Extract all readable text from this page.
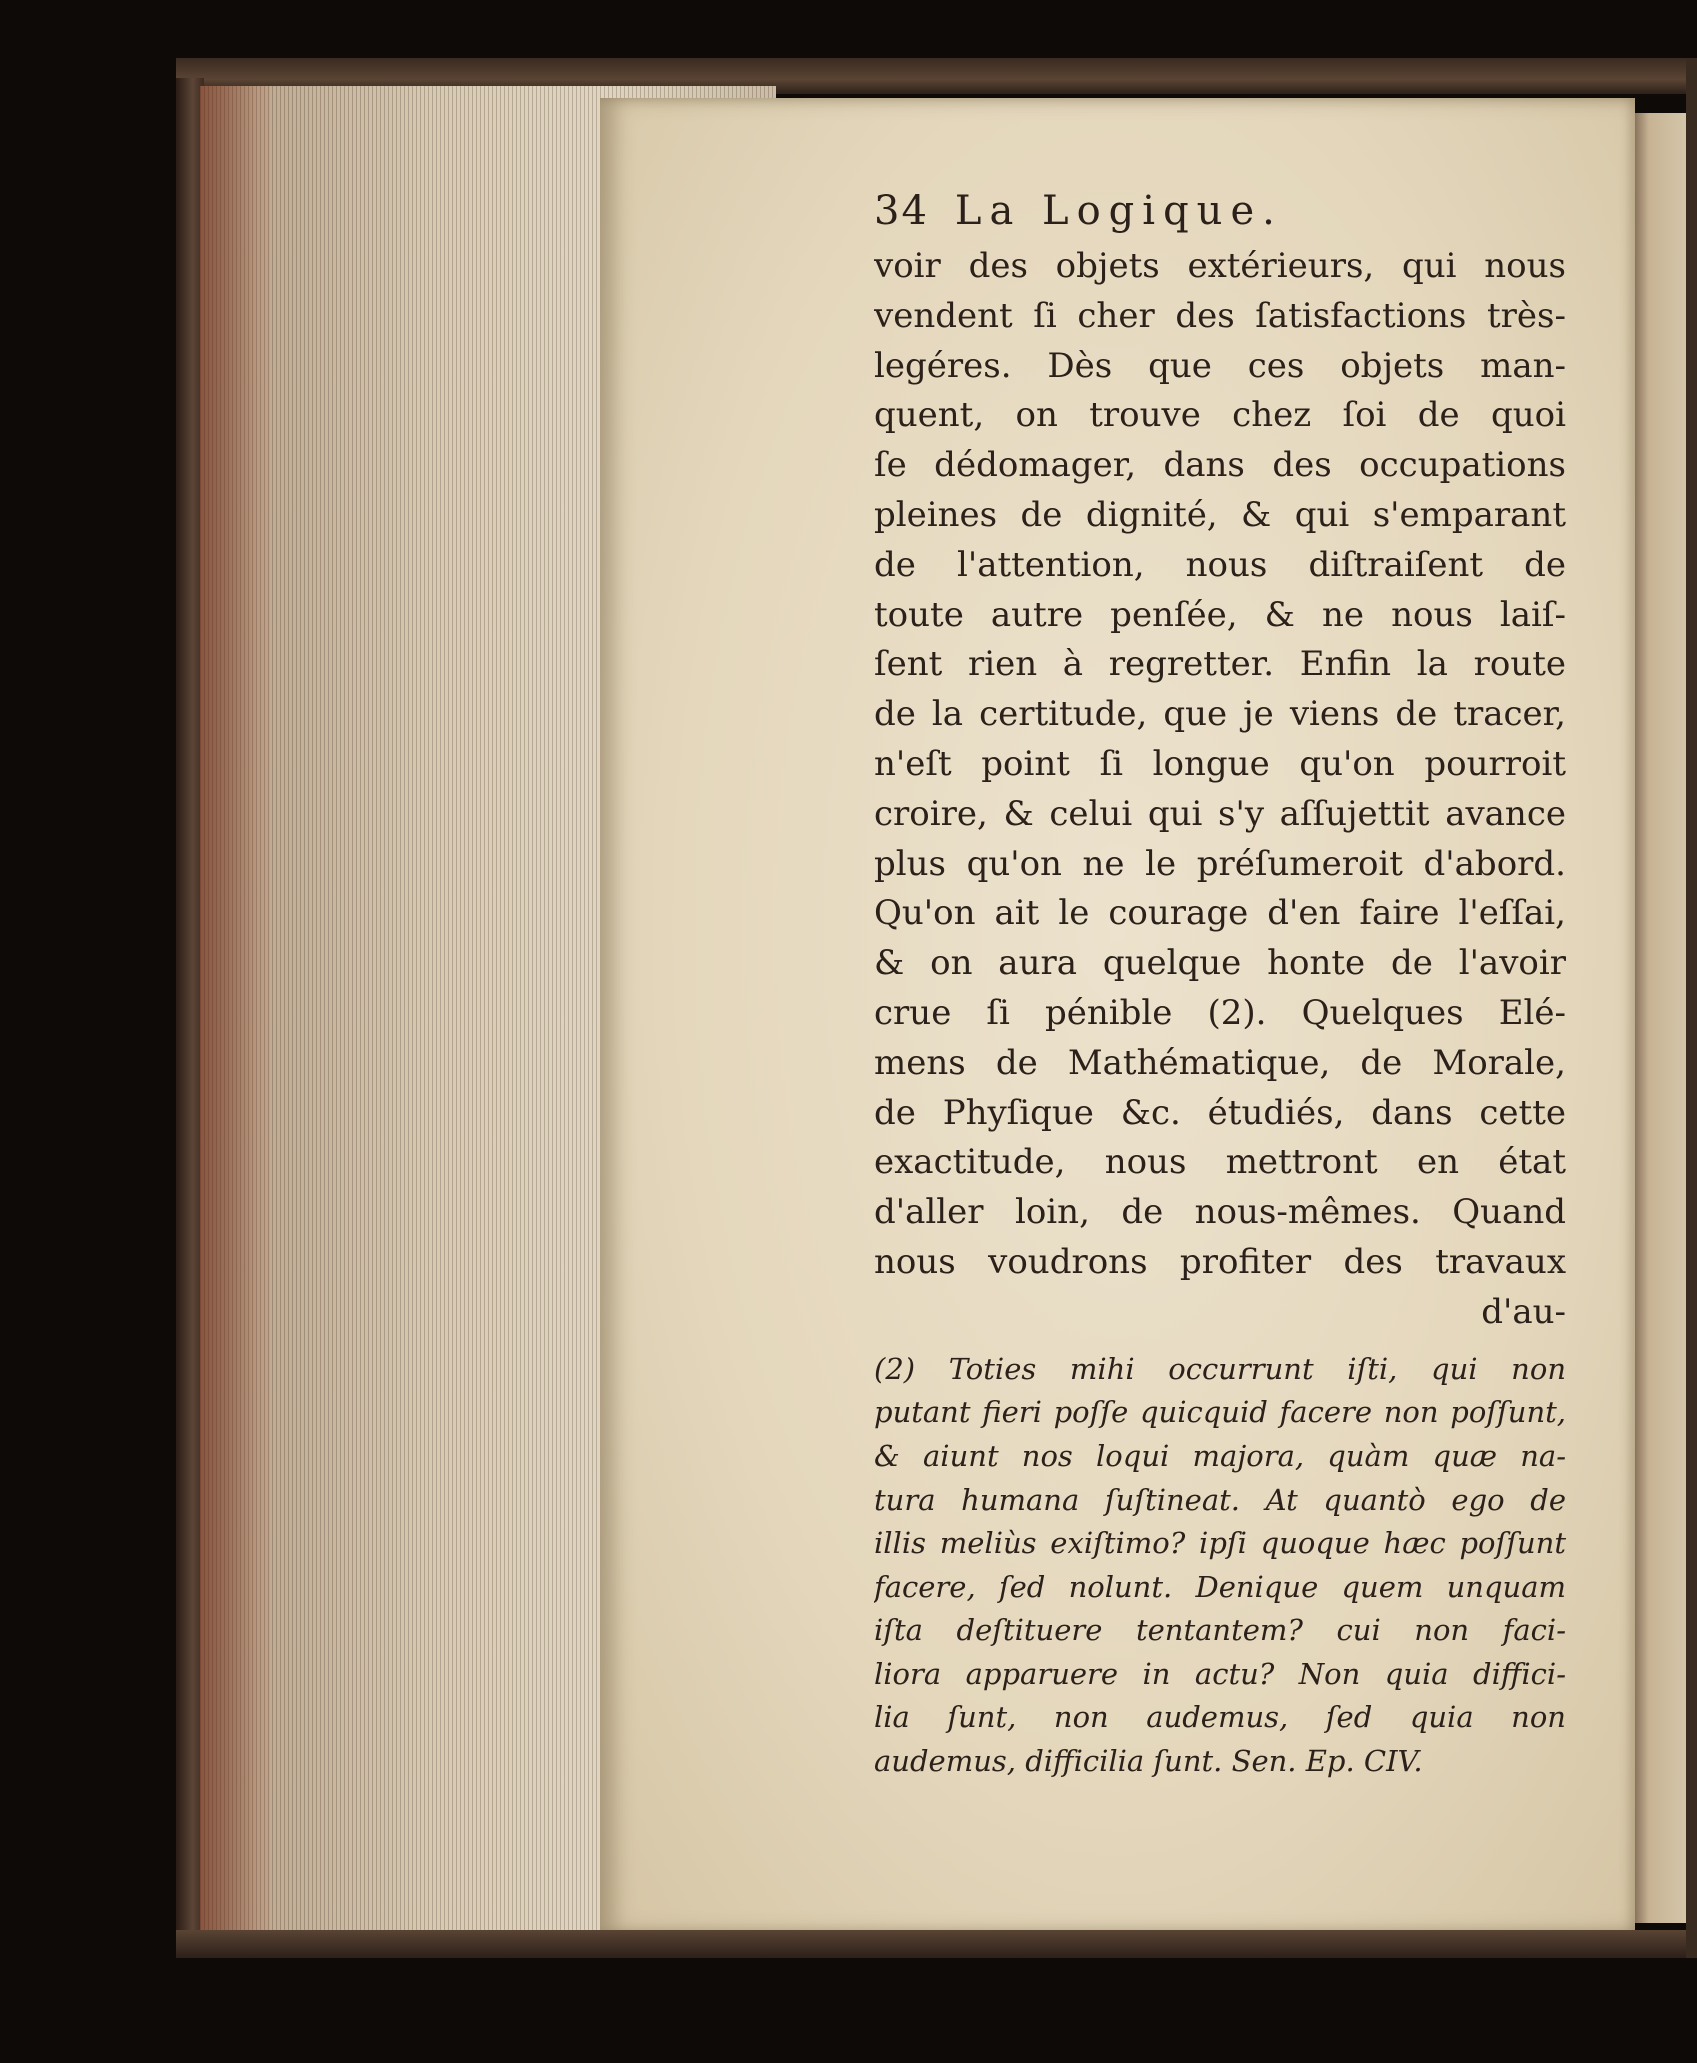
34 La Logique.
voir des objets extérieurs, qui nous
vendent ſi cher des ſatisfactions très-
legéres. Dès que ces objets man-
quent, on trouve chez ſoi de quoi
ſe dédomager, dans des occupations
pleines de dignité, & qui s'emparant
de l'attention, nous diſtraiſent de
toute autre penſée, & ne nous laiſ-
ſent rien à regretter. Enfin la route
de la certitude, que je viens de tracer,
n'eſt point ſi longue qu'on pourroit
croire, & celui qui s'y aſſujettit avance
plus qu'on ne le préſumeroit d'abord.
Qu'on ait le courage d'en faire l'eſſai,
& on aura quelque honte de l'avoir
crue ſi pénible (2). Quelques Elé-
mens de Mathématique, de Morale,
de Phyſique &c. étudiés, dans cette
exactitude, nous mettront en état
d'aller loin, de nous-mêmes. Quand
nous voudrons profiter des travaux
d'au-
(2) Toties mihi occurrunt iſti, qui non
putant fieri poſſe quicquid facere non poſſunt,
& aiunt nos loqui majora, quàm quæ na-
tura humana ſuſtineat. At quantò ego de
illis meliùs exiſtimo? ipſi quoque hæc poſſunt
facere, ſed nolunt. Denique quem unquam
iſta deſtituere tentantem? cui non faci-
liora apparuere in actu? Non quia diffici-
lia ſunt, non audemus, ſed quia non
audemus, difficilia ſunt. Sen. Ep. CIV.
